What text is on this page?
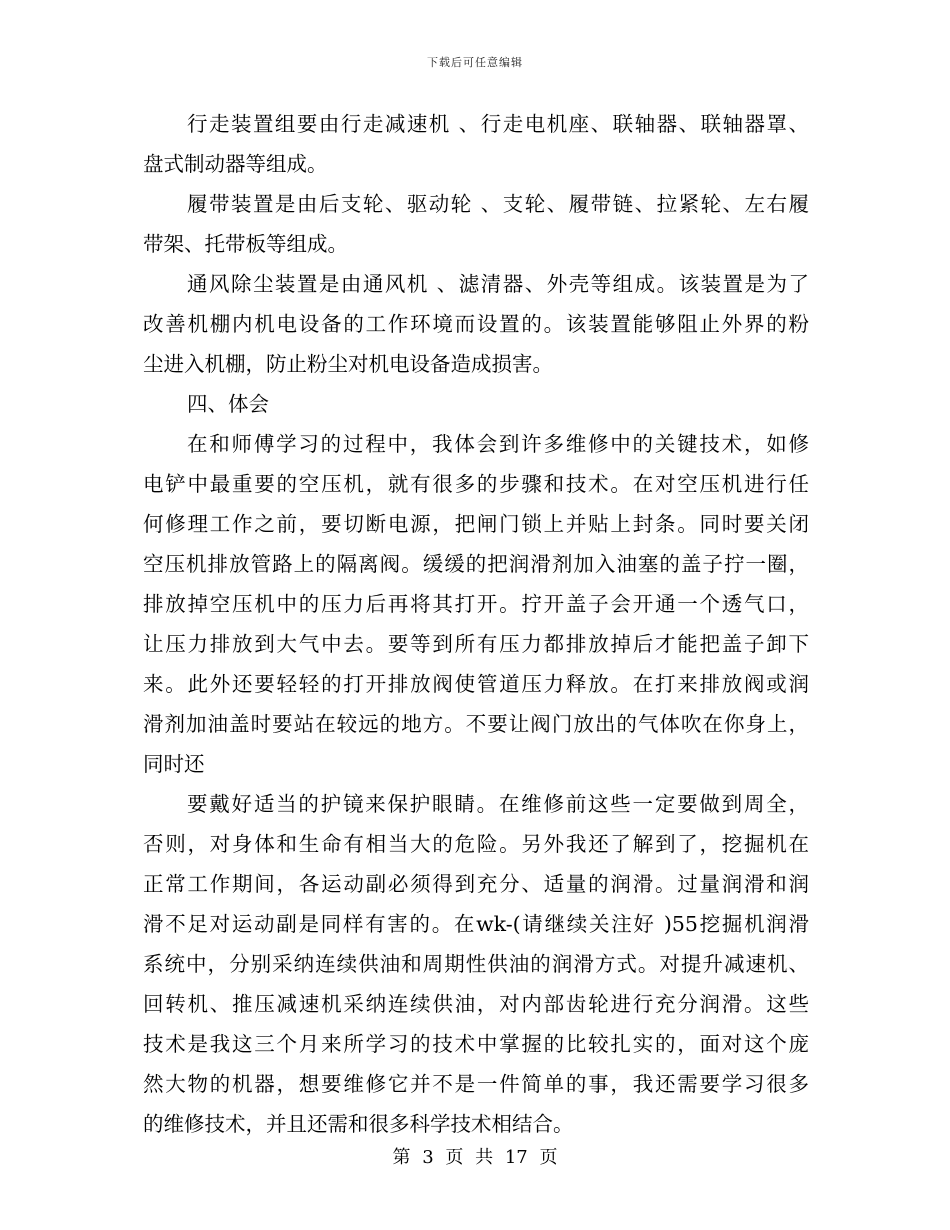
下载后可任意编辑
行走装置组要由行走减速机 、行走电机座、联轴器、联轴器罩、
盘式制动器等组成。
履带装置是由后支轮、驱动轮 、支轮、履带链、拉紧轮、左右履
带架、托带板等组成。
通风除尘装置是由通风机 、滤清器、外壳等组成。该装置是为了
改善机棚内机电设备的工作环境而设置的。该装置能够阻止外界的粉
尘进入机棚，防止粉尘对机电设备造成损害。
四、体会
在和师傅学习的过程中，我体会到许多维修中的关键技术，如修
电铲中最重要的空压机，就有很多的步骤和技术。在对空压机进行任
何修理工作之前，要切断电源，把闸门锁上并贴上封条。同时要关闭
空压机排放管路上的隔离阀。缓缓的把润滑剂加入油塞的盖子拧一圈，
排放掉空压机中的压力后再将其打开。拧开盖子会开通一个透气口，
让压力排放到大气中去。要等到所有压力都排放掉后才能把盖子卸下
来。此外还要轻轻的打开排放阀使管道压力释放。在打来排放阀或润
滑剂加油盖时要站在较远的地方。不要让阀门放出的气体吹在你身上，
同时还
要戴好适当的护镜来保护眼睛。在维修前这些一定要做到周全，
否则，对身体和生命有相当大的危险。另外我还了解到了，挖掘机在
正常工作期间，各运动副必须得到充分、适量的润滑。过量润滑和润
滑不足对运动副是同样有害的。在wk-(请继续关注好 )55挖掘机润滑
系统中，分别采纳连续供油和周期性供油的润滑方式。对提升减速机、
回转机、推压减速机采纳连续供油，对内部齿轮进行充分润滑。这些
技术是我这三个月来所学习的技术中掌握的比较扎实的，面对这个庞
然大物的机器，想要维修它并不是一件简单的事，我还需要学习很多
的维修技术，并且还需和很多科学技术相结合。
第 3 页 共 17 页
